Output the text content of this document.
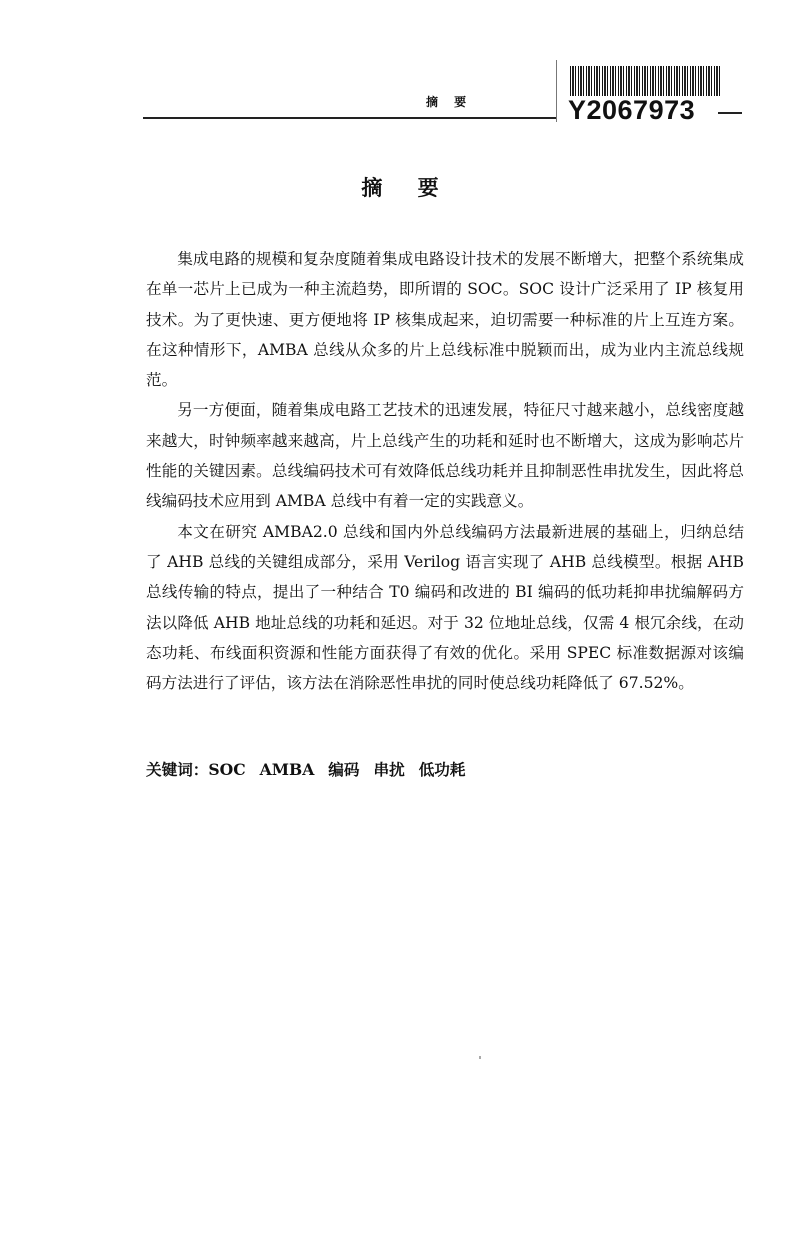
摘 要	Y2067973
摘 要

集成电路的规模和复杂度随着集成电路设计技术的发展不断增大，把整个系统集成在单一芯片上已成为一种主流趋势，即所谓的 SOC。SOC 设计广泛采用了 IP 核复用技术。为了更快速、更方便地将 IP 核集成起来，迫切需要一种标准的片上互连方案。在这种情形下，AMBA 总线从众多的片上总线标准中脱颖而出，成为业内主流总线规范。

另一方便面，随着集成电路工艺技术的迅速发展，特征尺寸越来越小，总线密度越来越大，时钟频率越来越高，片上总线产生的功耗和延时也不断增大，这成为影响芯片性能的关键因素。总线编码技术可有效降低总线功耗并且抑制恶性串扰发生，因此将总线编码技术应用到 AMBA 总线中有着一定的实践意义。

本文在研究 AMBA2.0 总线和国内外总线编码方法最新进展的基础上，归纳总结了 AHB 总线的关键组成部分，采用 Verilog 语言实现了 AHB 总线模型。根据 AHB 总线传输的特点，提出了一种结合 T0 编码和改进的 BI 编码的低功耗抑串扰编解码方法以降低 AHB 地址总线的功耗和延迟。对于 32 位地址总线，仅需 4 根冗余线，在动态功耗、布线面积资源和性能方面获得了有效的优化。采用 SPEC 标准数据源对该编码方法进行了评估，该方法在消除恶性串扰的同时使总线功耗降低了 67.52%。

关键词：SOC AMBA 编码 串扰 低功耗
